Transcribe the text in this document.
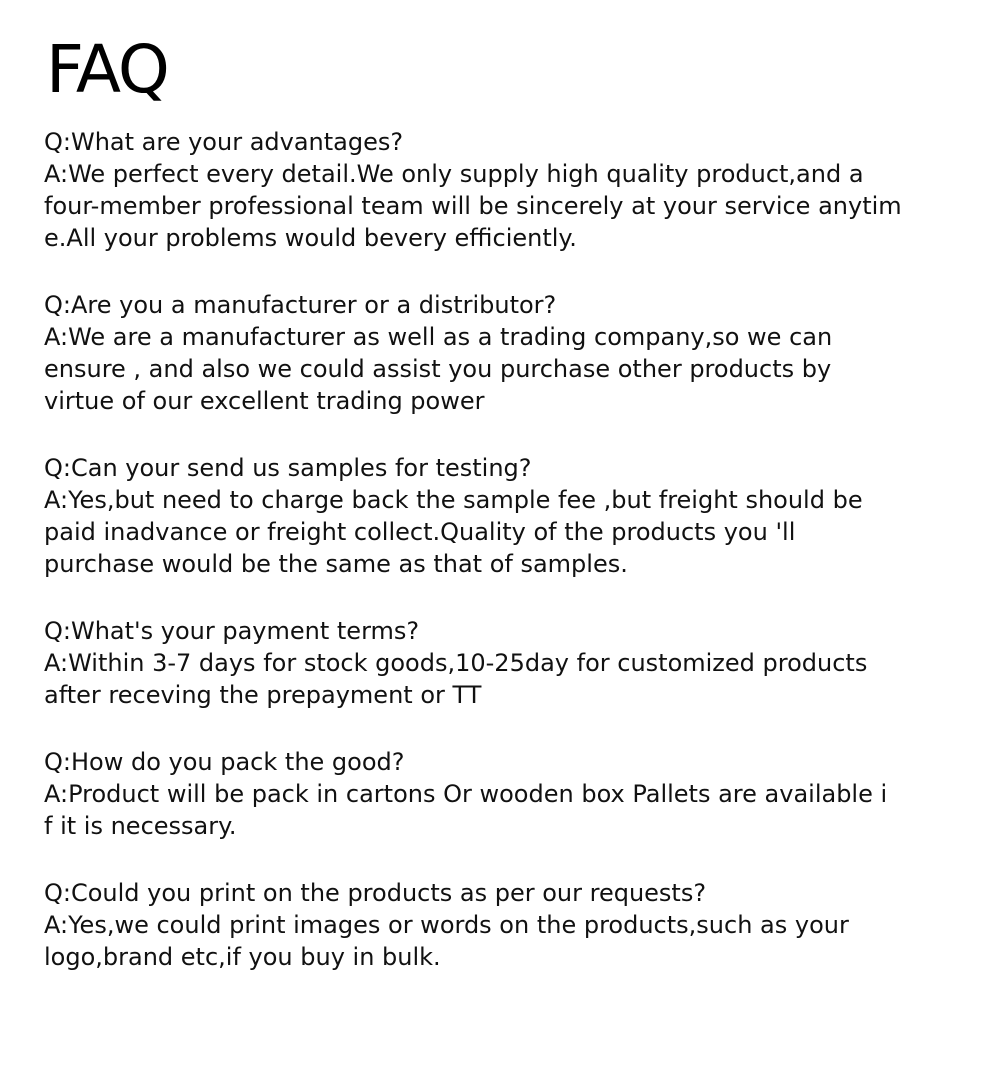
FAQ
Q:What are your advantages?
A:We perfect every detail.We only supply high quality product,and a
four-member professional team will be sincerely at your service anytim
e.All your problems would bevery efficiently.
Q:Are you a manufacturer or a distributor?
A:We are a manufacturer as well as a trading company,so we can
ensure , and also we could assist you purchase other products by
virtue of our excellent trading power
Q:Can your send us samples for testing?
A:Yes,but need to charge back the sample fee ,but freight should be
paid inadvance or freight collect.Quality of the products you 'll
purchase would be the same as that of samples.
Q:What's your payment terms?
A:Within 3-7 days for stock goods,10-25day for customized products
after receving the prepayment or TT
Q:How do you pack the good?
A:Product will be pack in cartons Or wooden box Pallets are available i
f it is necessary.
Q:Could you print on the products as per our requests?
A:Yes,we could print images or words on the products,such as your
logo,brand etc,if you buy in bulk.
